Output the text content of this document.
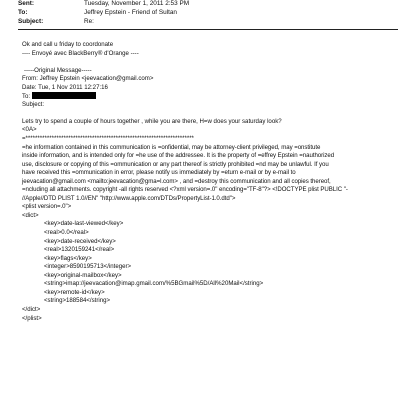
Sent:	Tuesday, November 1, 2011 2:53 PM
To:	Jeffrey Epstein - Friend of Sultan
Subject:	Re:
Ok and call u friday to coordonate
---- Envoyé avec BlackBerry® d'Orange ----
-----Original Message-----
From: Jeffrey Epstein <jeevacation@gmail.com>
Date: Tue, 1 Nov 2011 12:27:16
To:
Subject:
Lets try to spend a couple of hours together , while you are there, H=w does your saturday look?
<0A>
=***********************************************************************
=he information contained in this communication is =onfidential, may be attorney-client privileged, may =onstitute
inside information, and is intended only for =he use of the addressee. It is the property of =effrey Epstein =nauthorized
use, disclosure or copying of this =ommunication or any part thereof is strictly prohibited =nd may be unlawful. If you
have received this =ommunication in error, please notify us immediately by =eturn e-mail or by e-mail to
jeevacation@gmail.com <mailto:jeevacation@gma=l.com> , and =destroy this communication and all copies thereof,
=ncluding all attachments. copyright -all rights reserved <?xml version=.0" encoding="TF-8"?> <!DOCTYPE plist PUBLIC "-
//Apple//DTD PLIST 1.0//EN" "http://www.apple.com/DTDs/PropertyList-1.0.dtd">
<plist version=.0">
<dict>
<key>date-last-viewed</key>
<real>0.0</real>
<key>date-received</key>
<real>1320159241</real>
<key>flags</key>
<integer>8590195713</integer>
<key>original-mailbox</key>
<string>imap://jeevacation@imap.gmail.com/%5BGmail%5D/All%20Mail</string>
<key>remote-id</key>
<string>188584</string>
</dict>
</plist>
